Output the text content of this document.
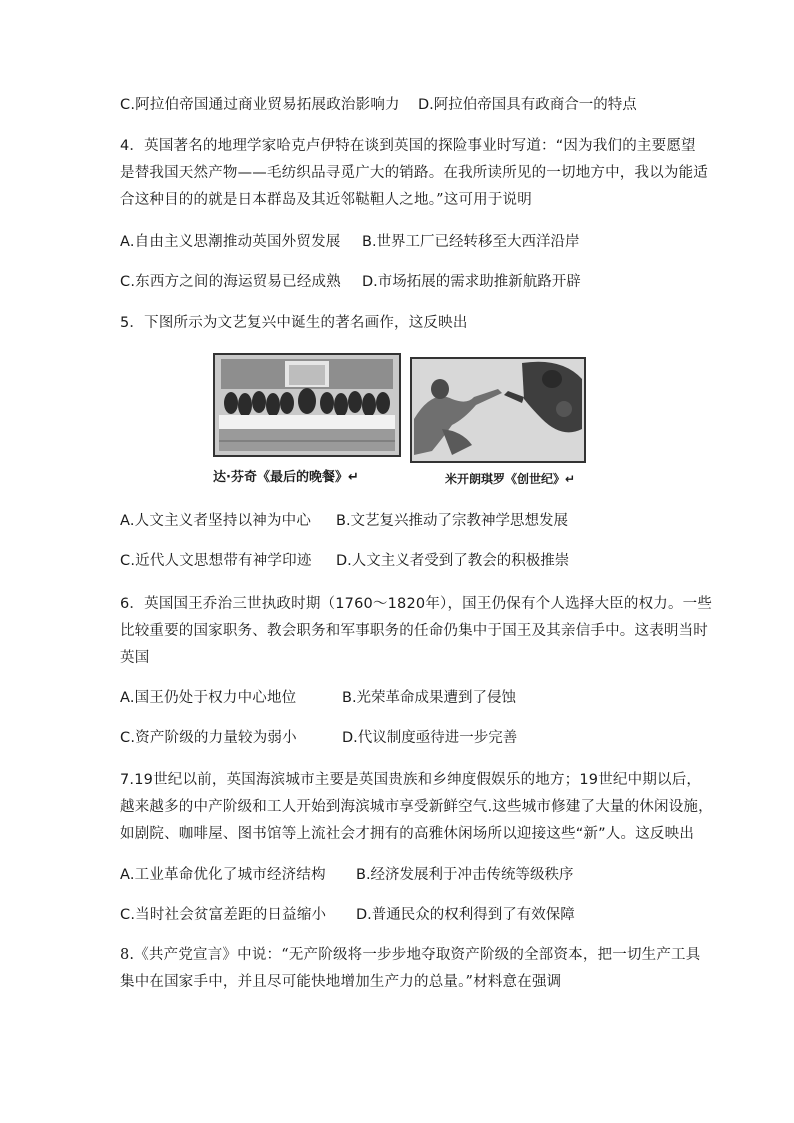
C.阿拉伯帝国通过商业贸易拓展政治影响力 D.阿拉伯帝国具有政商合一的特点
4．英国著名的地理学家哈克卢伊特在谈到英国的探险事业时写道：“因为我们的主要愿望
是替我国天然产物——毛纺织品寻觅广大的销路。在我所读所见的一切地方中，我以为能适
合这种目的的就是日本群岛及其近邻鞑靼人之地。”这可用于说明
A.自由主义思潮推动英国外贸发展 B.世界工厂已经转移至大西洋沿岸
C.东西方之间的海运贸易已经成熟 D.市场拓展的需求助推新航路开辟
5．下图所示为文艺复兴中诞生的著名画作，这反映出
达·芬奇《最后的晚餐》↵	米开朗琪罗《创世纪》↵
A.人文主义者坚持以神为中心 B.文艺复兴推动了宗教神学思想发展
C.近代人文思想带有神学印迹 D.人文主义者受到了教会的积极推崇
6．英国国王乔治三世执政时期（1760～1820年），国王仍保有个人选择大臣的权力。一些
比较重要的国家职务、教会职务和军事职务的任命仍集中于国王及其亲信手中。这表明当时
英国
A.国王仍处于权力中心地位	B.光荣革命成果遭到了侵蚀
C.资产阶级的力量较为弱小	D.代议制度亟待进一步完善
7.19世纪以前，英国海滨城市主要是英国贵族和乡绅度假娱乐的地方；19世纪中期以后，
越来越多的中产阶级和工人开始到海滨城市享受新鲜空气.这些城市修建了大量的休闲设施，
如剧院、咖啡屋、图书馆等上流社会才拥有的高雅休闲场所以迎接这些“新”人。这反映出
A.工业革命优化了城市经济结构 B.经济发展利于冲击传统等级秩序
C.当时社会贫富差距的日益缩小 D.普通民众的权利得到了有效保障
8.《共产党宣言》中说：“无产阶级将一步步地夺取资产阶级的全部资本，把一切生产工具
集中在国家手中，并且尽可能快地增加生产力的总量。”材料意在强调
